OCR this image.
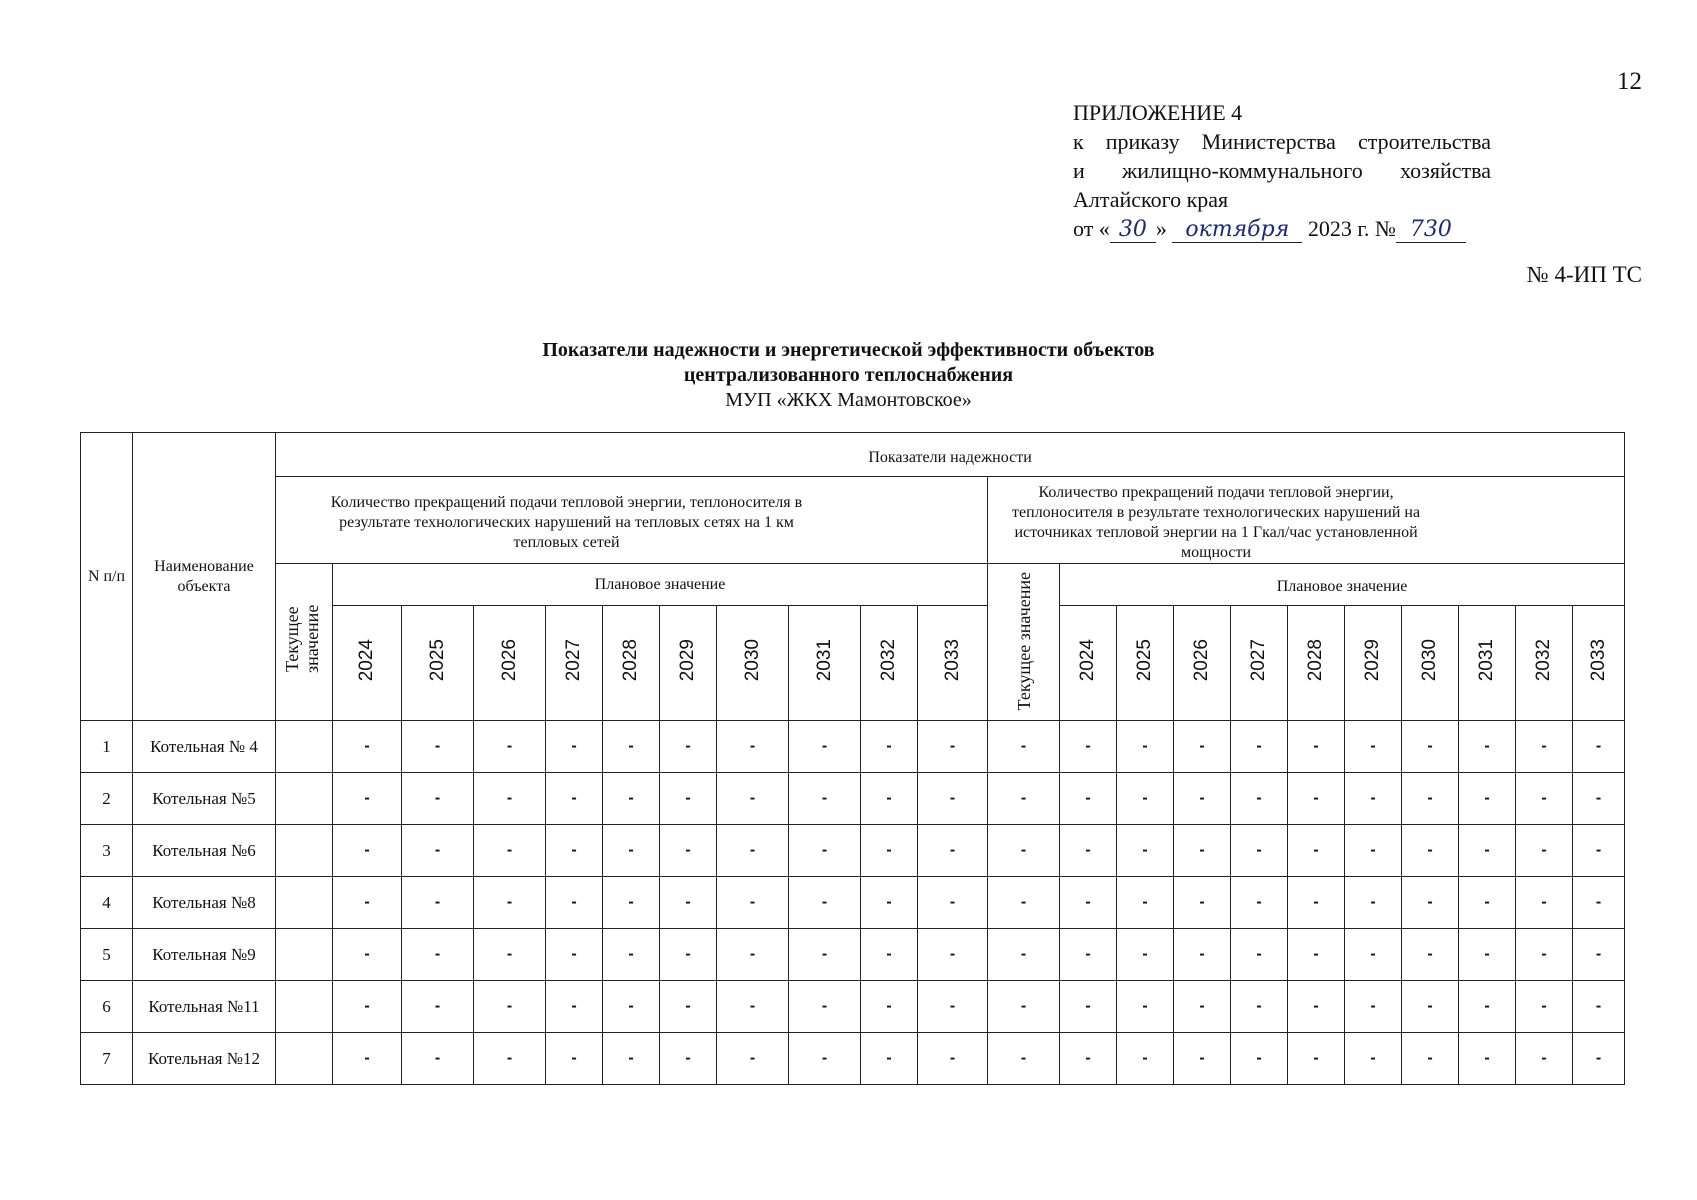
12
ПРИЛОЖЕНИЕ 4
к приказу Министерства строительства
и жилищно-коммунального хозяйства
Алтайского края
от « 30 »
октября
2023 г. № 730
№ 4-ИП ТС
Показатели надежности и энергетической эффективности объектов
централизованного теплоснабжения
МУП «ЖКХ Мамонтовское»
N п/п	Наименование объекта	Показатели надежности																					
		Количество прекращений подачи тепловой энергии, теплоносителя в результате технологических нарушений на тепловых сетях на 1 км тепловых сетей											Количество прекращений подачи тепловой энергии, теплоносителя в результате технологических нарушений на источниках тепловой энергии на 1 Гкал/час установленной мощности										
		Текущее значение	Плановое значение										Текущее значение	Плановое значение									
			2024	2025	2026	2027	2028	2029	2030	2031	2032	2033		2024	2025	2026	2027	2028	2029	2030	2031	2032	2033
1	Котельная № 4		-	-	-	-	-	-	-	-	-	-	-	-	-	-	-	-	-	-	-	-	-
2	Котельная №5		-	-	-	-	-	-	-	-	-	-	-	-	-	-	-	-	-	-	-	-	-
3	Котельная №6		-	-	-	-	-	-	-	-	-	-	-	-	-	-	-	-	-	-	-	-	-
4	Котельная №8		-	-	-	-	-	-	-	-	-	-	-	-	-	-	-	-	-	-	-	-	-
5	Котельная №9		-	-	-	-	-	-	-	-	-	-	-	-	-	-	-	-	-	-	-	-	-
6	Котельная №11		-	-	-	-	-	-	-	-	-	-	-	-	-	-	-	-	-	-	-	-	-
7	Котельная №12		-	-	-	-	-	-	-	-	-	-	-	-	-	-	-	-	-	-	-	-	-
